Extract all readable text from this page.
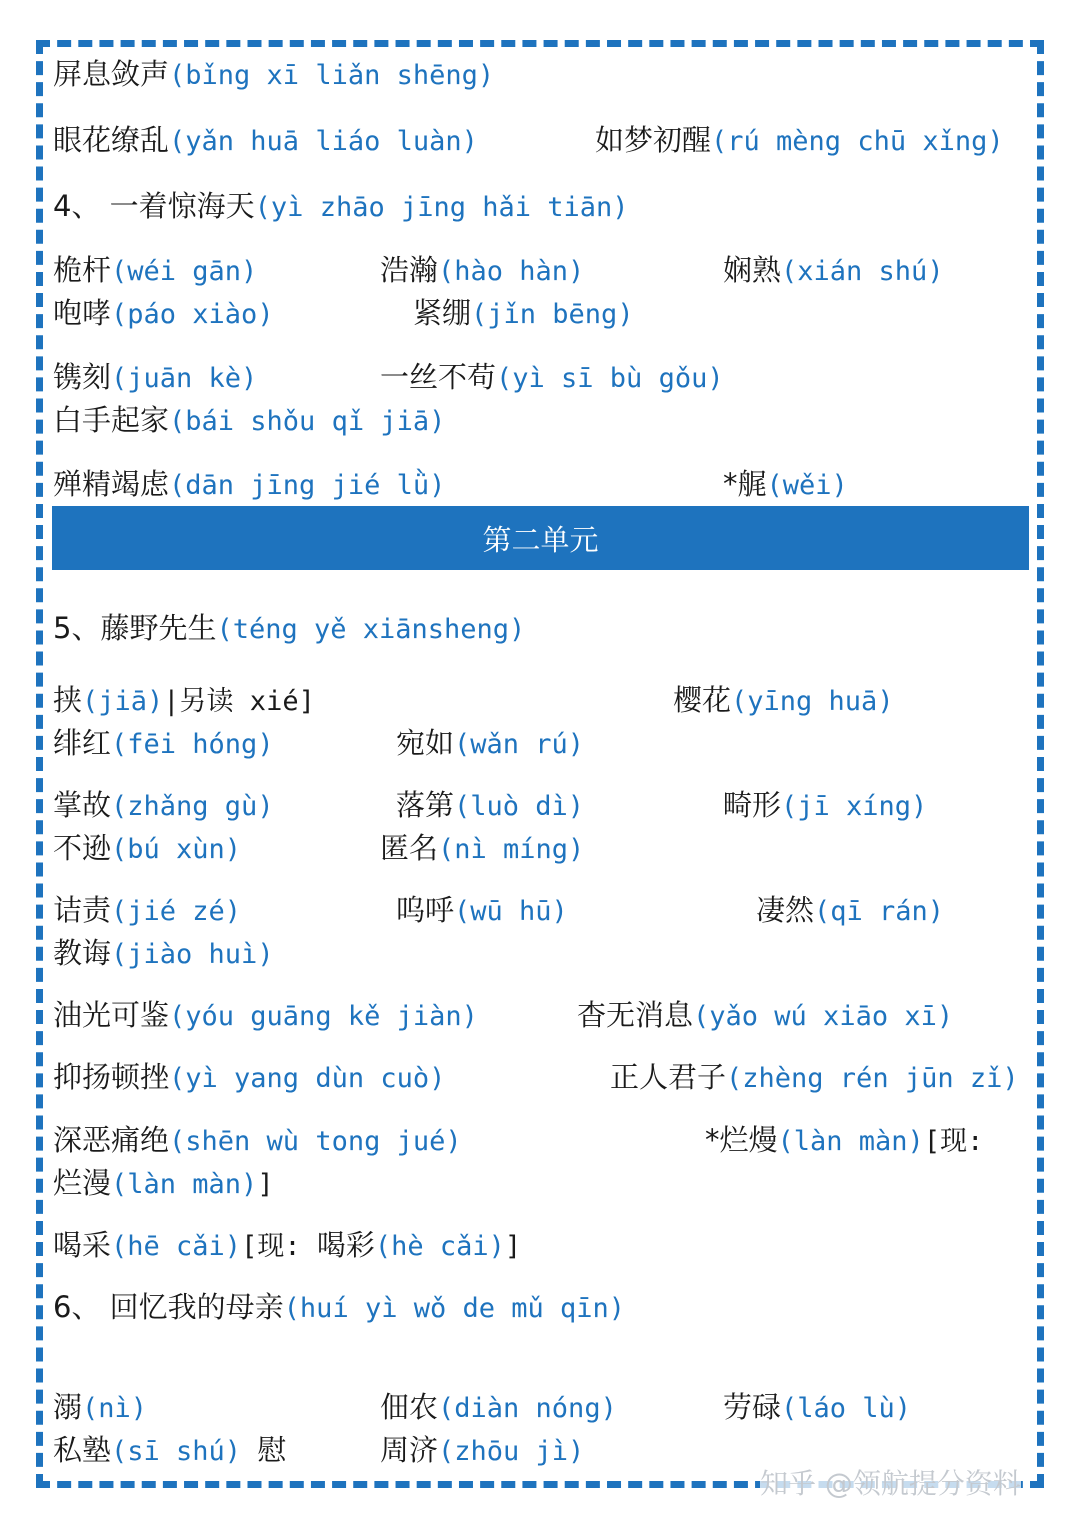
屏息敛声(bǐng xī liǎn shēng)
眼花缭乱(yǎn huā liáo luàn)	如梦初醒(rú mèng chū xǐng)
4、 一着惊海天(yì zhāo jīng hǎi tiān)
桅杆(wéi gān)	浩瀚(hào hàn)	娴熟(xián shú)
咆哮(páo xiào)	紧绷(jǐn bēng)
镌刻(juān kè)	一丝不苟(yì sī bù gǒu)
白手起家(bái shǒu qǐ jiā)
殚精竭虑(dān jīng jié lǜ)	*艉(wěi)
5、藤野先生(téng yě xiānsheng)
挟(jiā)|另读 xié]	樱花(yīng huā)
绯红(fēi hóng)	宛如(wǎn rú)
掌故(zhǎng gù)	落第(luò dì)	畸形(jī xíng)
不逊(bú xùn)	匿名(nì míng)
诘责(jié zé)	呜呼(wū hū)	凄然(qī rán)
教诲(jiào huì)
油光可鉴(yóu guāng kě jiàn)	杳无消息(yǎo wú xiāo xī)
抑扬顿挫(yì yang dùn cuò)	正人君子(zhèng rén jūn zǐ)
深恶痛绝(shēn wù tong jué)	*烂熳(làn màn)[现:
烂漫(làn màn)]
喝采(hē cǎi)[现: 喝彩(hè cǎi)]
6、 回忆我的母亲(huí yì wǒ de mǔ qīn)
溺(nì)	佃农(diàn nóng)	劳碌(láo lù)
私塾(sī shú) 慰	周济(zhōu jì)
第二单元
知乎 @领航提分资料
